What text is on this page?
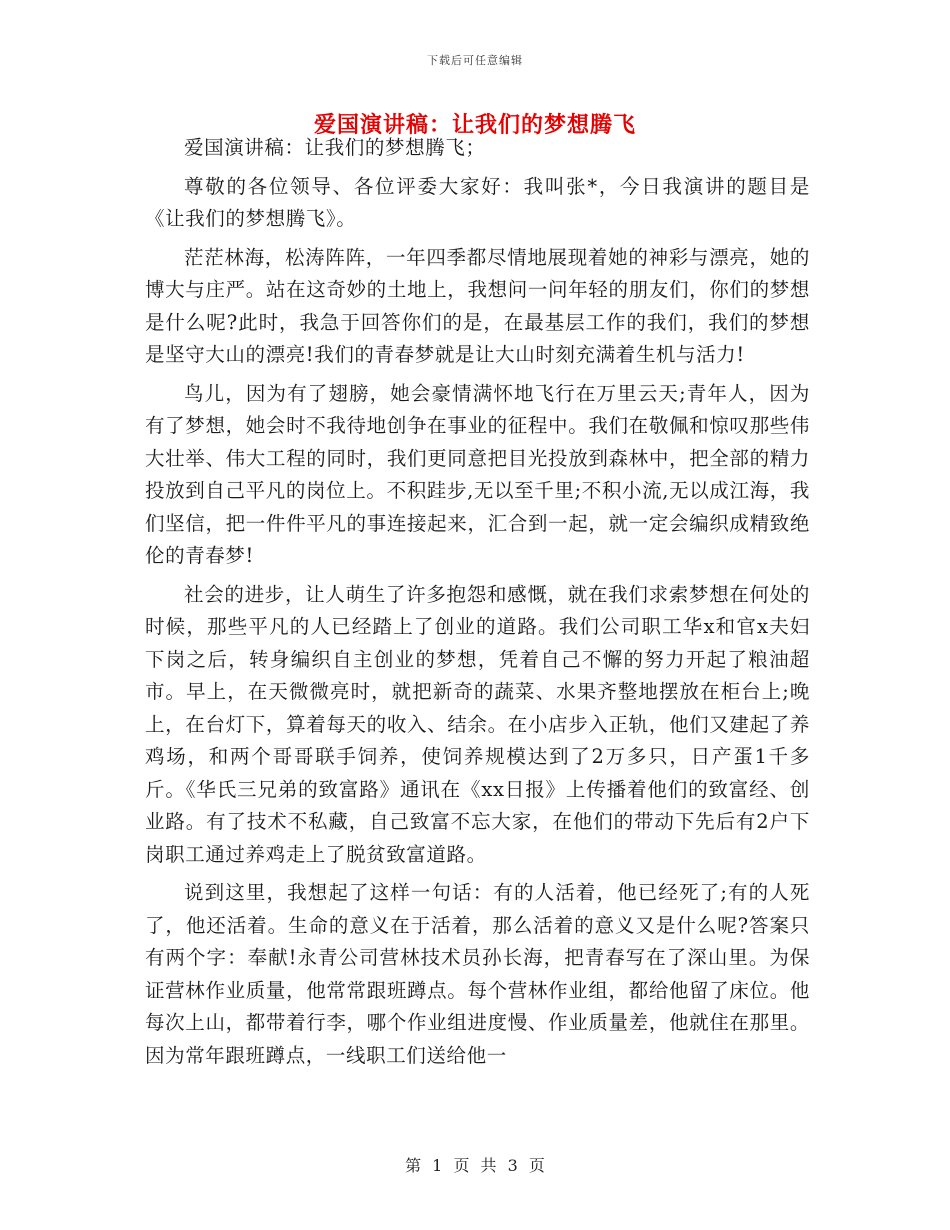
下载后可任意编辑
爱国演讲稿：让我们的梦想腾飞

爱国演讲稿：让我们的梦想腾飞；

尊敬的各位领导、各位评委大家好：我叫张*，今日我演讲的题目是《让我们的梦想腾飞》。

茫茫林海，松涛阵阵，一年四季都尽情地展现着她的神彩与漂亮，她的博大与庄严。站在这奇妙的土地上，我想问一问年轻的朋友们，你们的梦想是什么呢?此时，我急于回答你们的是，在最基层工作的我们，我们的梦想是坚守大山的漂亮!我们的青春梦就是让大山时刻充满着生机与活力!

鸟儿，因为有了翅膀，她会豪情满怀地飞行在万里云天;青年人，因为有了梦想，她会时不我待地创争在事业的征程中。我们在敬佩和惊叹那些伟大壮举、伟大工程的同时，我们更同意把目光投放到森林中，把全部的精力投放到自己平凡的岗位上。不积跬步,无以至千里;不积小流,无以成江海，我们坚信，把一件件平凡的事连接起来，汇合到一起，就一定会编织成精致绝伦的青春梦!

社会的进步，让人萌生了许多抱怨和感慨，就在我们求索梦想在何处的时候，那些平凡的人已经踏上了创业的道路。我们公司职工华x和官x夫妇下岗之后，转身编织自主创业的梦想，凭着自己不懈的努力开起了粮油超市。早上，在天微微亮时，就把新奇的蔬菜、水果齐整地摆放在柜台上;晚上，在台灯下，算着每天的收入、结余。在小店步入正轨，他们又建起了养鸡场，和两个哥哥联手饲养，使饲养规模达到了2万多只，日产蛋1千多斤。《华氏三兄弟的致富路》通讯在《xx日报》上传播着他们的致富经、创业路。有了技术不私藏，自己致富不忘大家，在他们的带动下先后有2户下岗职工通过养鸡走上了脱贫致富道路。

说到这里，我想起了这样一句话：有的人活着，他已经死了;有的人死了，他还活着。生命的意义在于活着，那么活着的意义又是什么呢?答案只有两个字：奉献!永青公司营林技术员孙长海，把青春写在了深山里。为保证营林作业质量，他常常跟班蹲点。每个营林作业组，都给他留了床位。他每次上山，都带着行李，哪个作业组进度慢、作业质量差，他就住在那里。因为常年跟班蹲点，一线职工们送给他一

第 1 页 共 3 页
